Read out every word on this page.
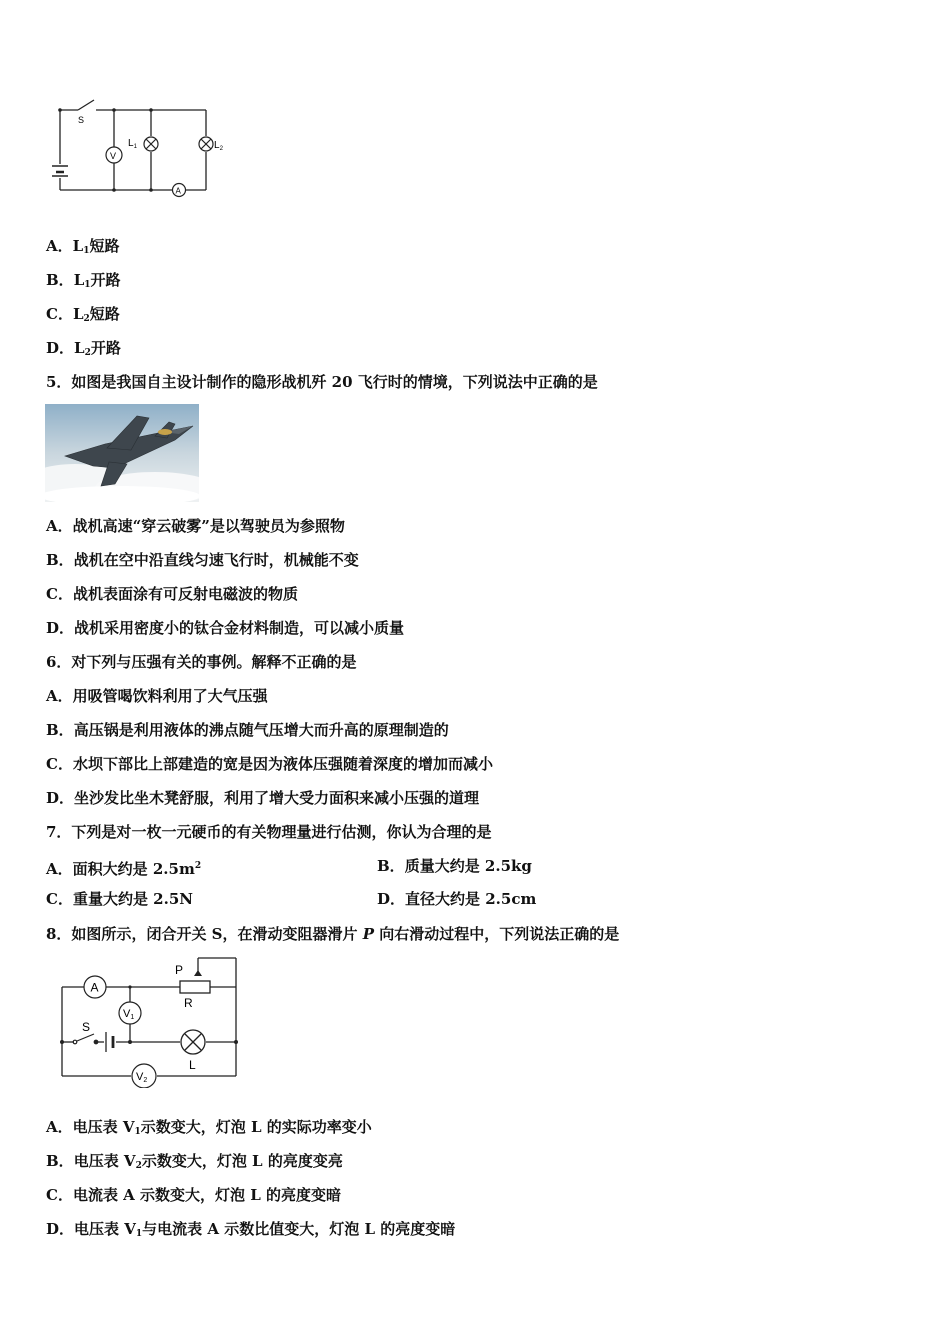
S
V
$L_1$	$L_2$
A
A．$L_1$短路
B．$L_1$开路
C．$L_2$短路
D．$L_2$开路
5．如图是我国自主设计制作的隐形战机歼 20 飞行时的情境，下列说法中正确的是
A．战机高速“穿云破雾”是以驾驶员为参照物
B．战机在空中沿直线匀速飞行时，机械能不变
C．战机表面涂有可反射电磁波的物质
D．战机采用密度小的钛合金材料制造，可以减小质量
6．对下列与压强有关的事例。解释不正确的是
A．用吸管喝饮料利用了大气压强
B．高压锅是利用液体的沸点随气压增大而升高的原理制造的
C．水坝下部比上部建造的宽是因为液体压强随着深度的增加而减小
D．坐沙发比坐木凳舒服，利用了增大受力面积来减小压强的道理
7．下列是对一枚一元硬币的有关物理量进行估测，你认为合理的是
A．面积大约是 $2.5m^2$	B．质量大约是 2.5kg
C．重量大约是 2.5N	D．直径大约是 2.5cm
8．如图所示，闭合开关 S，在滑动变阻器滑片 P 向右滑动过程中，下列说法正确的是
S
A
P
R
V1
L
V2
A．电压表 $V_1$示数变大，灯泡 L 的实际功率变小
B．电压表 $V_2$示数变大，灯泡 L 的亮度变亮
C．电流表 A 示数变大，灯泡 L 的亮度变暗
D．电压表 $V_1$与电流表 A 示数比值变大，灯泡 L 的亮度变暗
